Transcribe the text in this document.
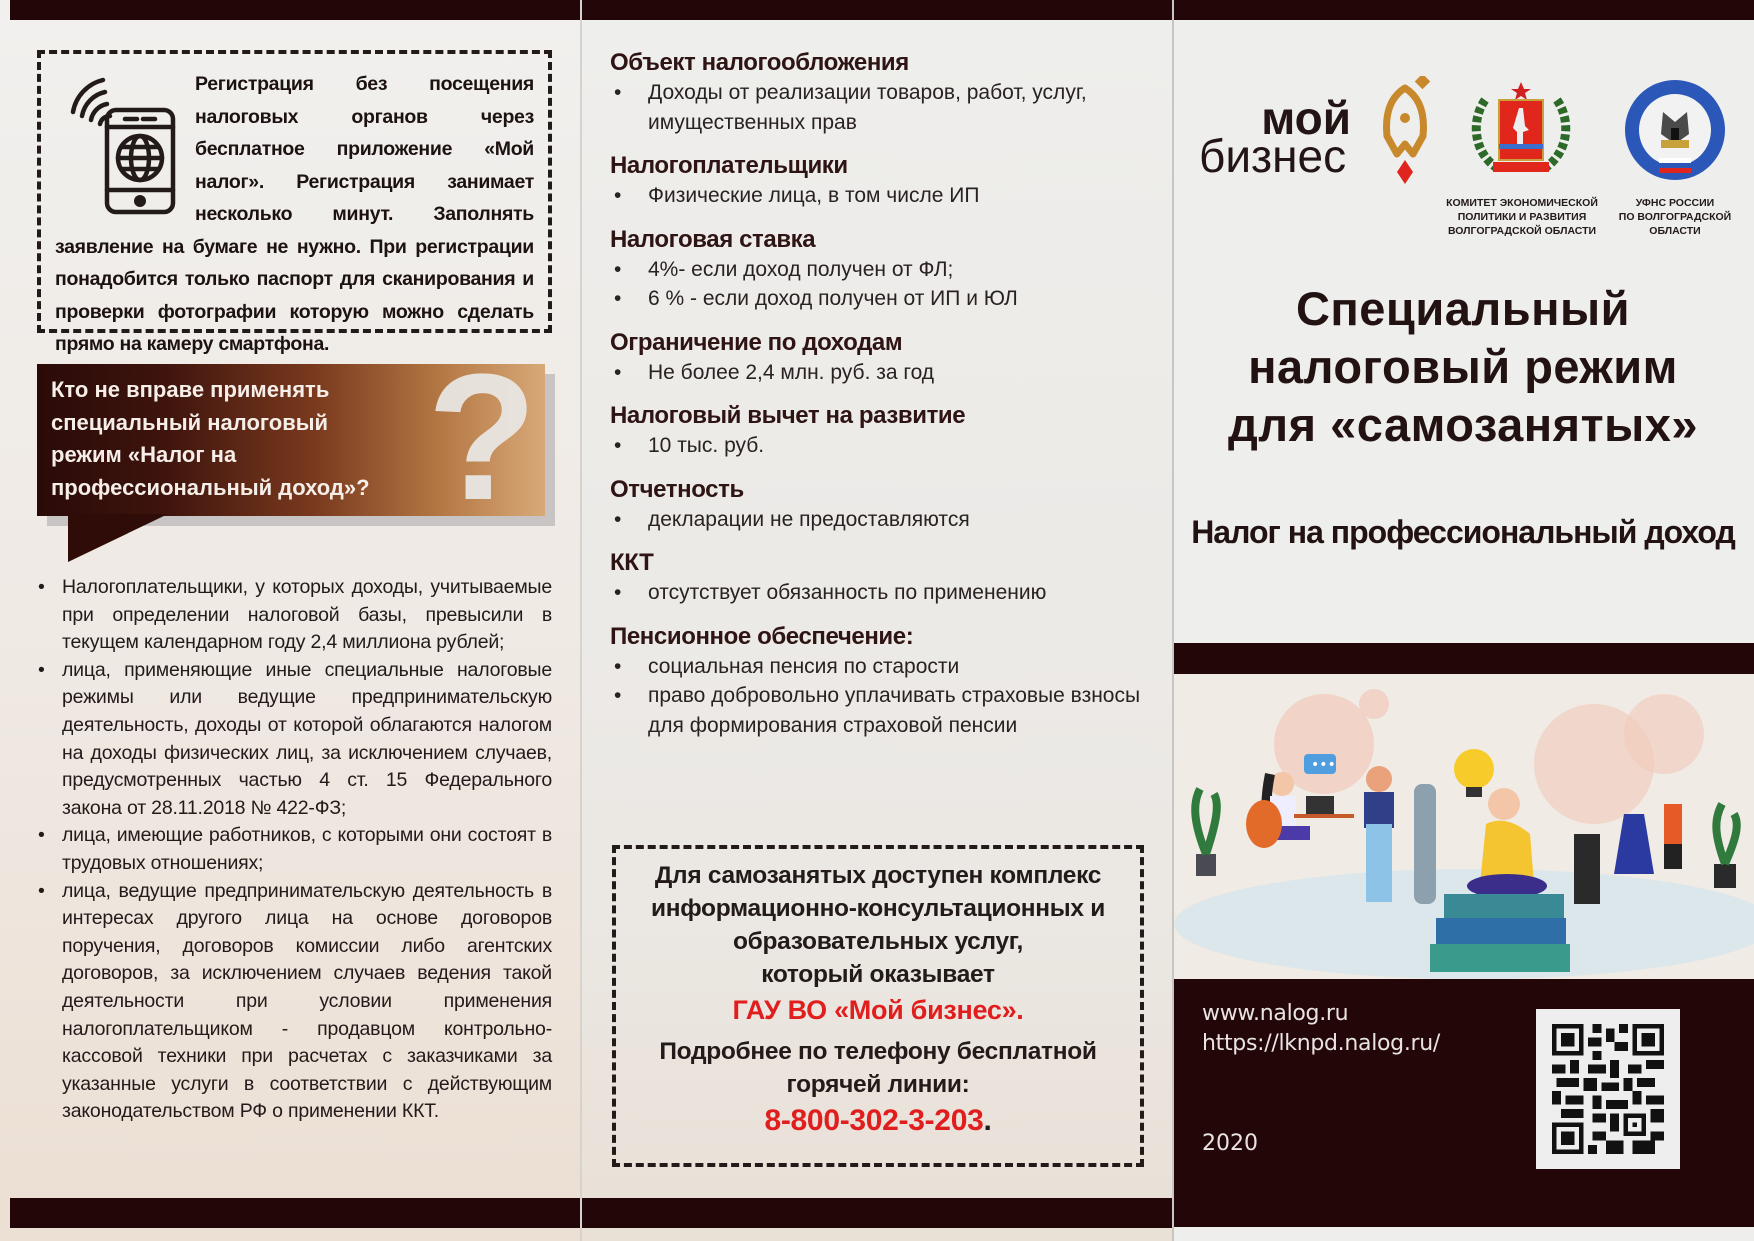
Регистрация без посещения налоговых органов через бесплатное приложение «Мой налог». Регистрация занимает несколько минут. Заполнять заявление на бумаге не нужно. При регистрации понадобится только паспорт для сканирования и проверки фотографии которую можно сделать прямо на камеру смартфона. ?
Кто не вправе применять
специальный налоговый
режим «Налог на
профессиональный доход»?
• Налогоплательщики, у которых доходы, учитываемые при определении налоговой базы, превысили в текущем календарном году 2,4 миллиона рублей;
• лица, применяющие иные специальные налоговые режимы или ведущие предпринимательскую деятельность, доходы от которой облагаются налогом на доходы физических лиц, за исключением случаев, предусмотренных частью 4 ст. 15 Федерального закона от 28.11.2018 № 422-ФЗ;
• лица, имеющие работников, с которыми они состоят в трудовых отношениях;
• лица, ведущие предпринимательскую деятельность в интересах другого лица на основе договоров поручения, договоров комиссии либо агентских договоров, за исключением случаев ведения такой деятельности при условии применения налогоплательщиком - продавцом контрольно-кассовой техники при расчетах с заказчиками за указанные услуги в соответствии с действующим законодательством РФ о применении ККТ.
Объект налогообложения
• Доходы от реализации товаров, работ, услуг, имущественных прав
Налогоплательщики
• Физические лица, в том числе ИП
Налоговая ставка
• 4%- если доход получен от ФЛ;
• 6 % - если доход получен от ИП и ЮЛ
Ограничение по доходам
• Не более 2,4 млн. руб. за год
Налоговый вычет на развитие
• 10 тыс. руб.
Отчетность
• декларации не предоставляются
ККТ
• отсутствует обязанность по применению
Пенсионное обеспечение:
• социальная пенсия по старости
• право добровольно уплачивать страховые взносы для формирования страховой пенсии

Для самозанятых доступен комплекс информационно-консультационных и образовательных услуг,

который оказывает

ГАУ ВО «Мой бизнес».

Подробнее по телефону бесплатной горячей линии:

8-800-302-3-203.

мой
бизнес
КОМИТЕТ ЭКОНОМИЧЕСКОЙ
ПОЛИТИКИ И РАЗВИТИЯ
ВОЛГОГРАДСКОЙ ОБЛАСТИ
УФНС РОССИИ
ПО ВОЛГОГРАДСКОЙ
ОБЛАСТИ
Специальный
налоговый режим
для «самозанятых»
Налог на профессиональный доход
•••
www.nalog.ru
https://lknpd.nalog.ru/
2020
